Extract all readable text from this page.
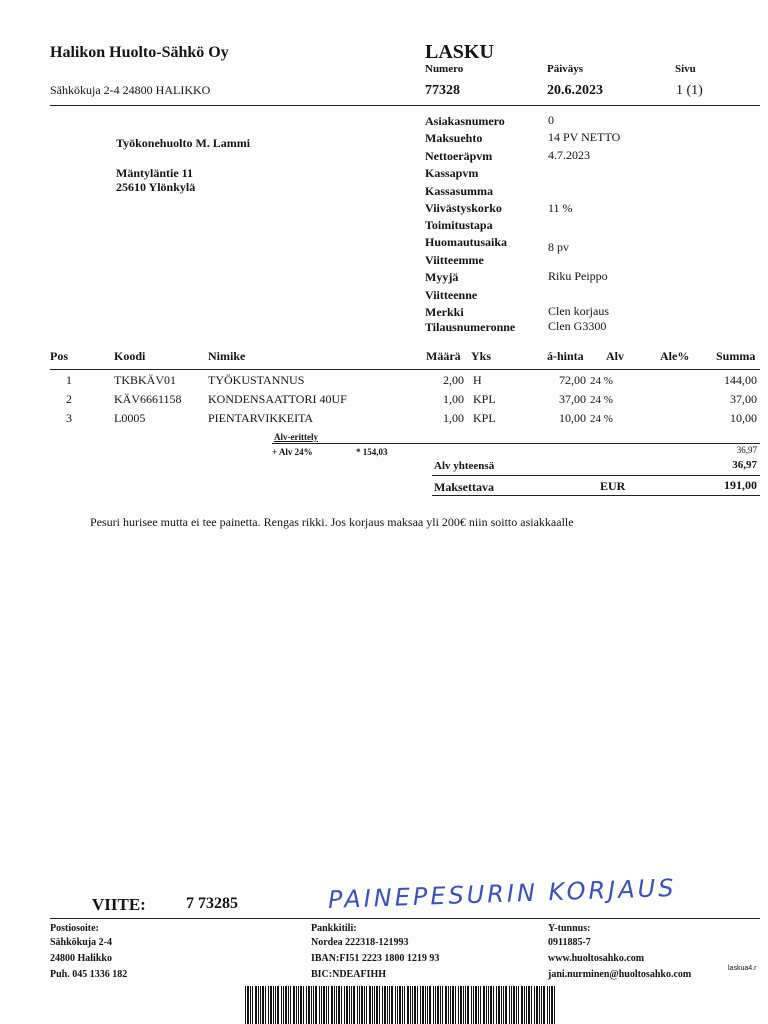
Halikon Huolto-Sähkö Oy
Sähkökuja 2-4 24800 HALIKKO
LASKU
Numero
77328
Päiväys
20.6.2023
Sivu
1 (1)
Työkonehuolto M. Lammi
Mäntyläntie 11
25610 Ylönkylä
Asiakasnumero	0
Maksuehto	14 PV NETTO
Nettoeräpvm	4.7.2023
Kassapvm
Kassasumma
Viivästyskorko	11 %
Toimitustapa
Huomautusaika	8 pv
Viitteemme
Myyjä	Riku Peippo
Viitteenne
Merkki	Clen korjaus
Tilausnumeronne	Clen G3300
Pos	Koodi	Nimike	Määrä Yks	á-hinta Alv	Ale% Summa
1	TKBKÄV01	TYÖKUSTANNUS	2,00 H	72,00 24 %	144,00
2	KÄV6661158 KONDENSAATTORI 40UF	1,00 KPL	37,00 24 %	37,00
3	L0005	PIENTARVIKKEITA	1,00 KPL	10,00 24 %	10,00
Alv-erittely
+ Alv 24%	* 154,03	36,97
Alv yhteensä	36,97
Maksettava	EUR	191,00
Pesuri hurisee mutta ei tee painetta. Rengas rikki. Jos korjaus maksaa yli 200€ niin soitto asiakkaalle
VIITE:	7 73285	PAINEPESURIN KORJAUS
Postiosoite:
Sähkökuja 2-4
24800 Halikko
Puh. 045 1336 182
Pankkitili:
Nordea 222318-121993
IBAN:FI51 2223 1800 1219 93
BIC:NDEAFIHH
Y-tunnus:
0911885-7
www.huoltosahko.com
jani.nurminen@huoltosahko.com
laskua4.r
